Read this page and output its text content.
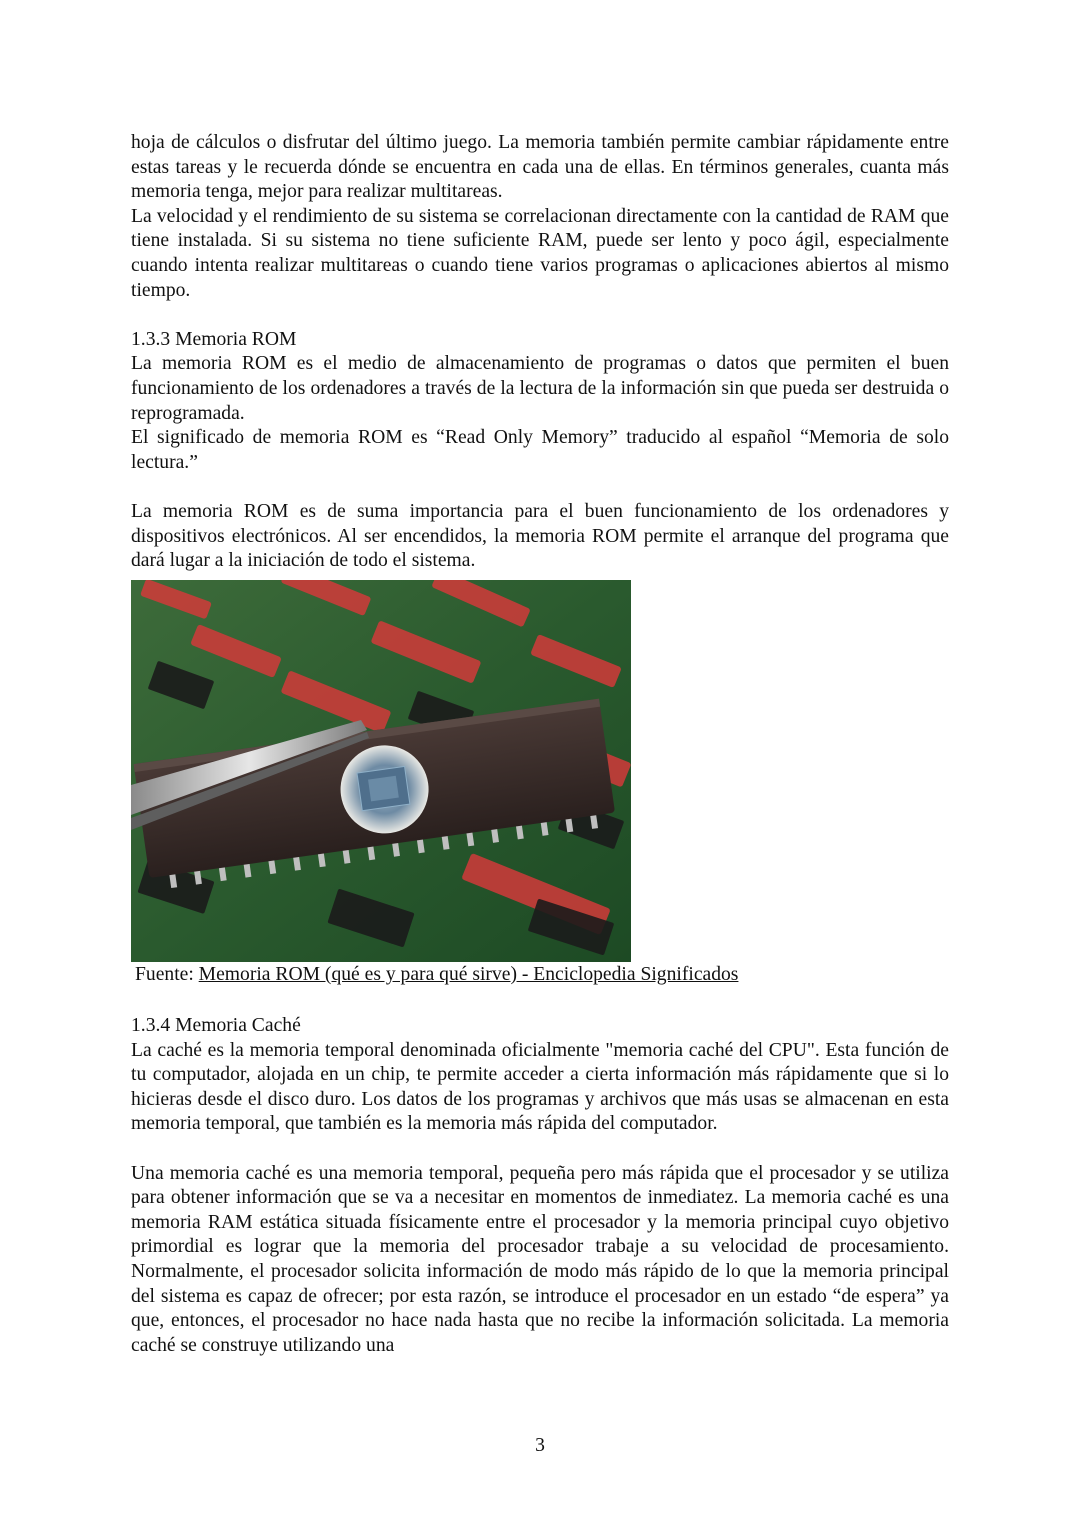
hoja de cálculos o disfrutar del último juego. La memoria también permite cambiar rápidamente entre estas tareas y le recuerda dónde se encuentra en cada una de ellas. En términos generales, cuanta más memoria tenga, mejor para realizar multitareas.

La velocidad y el rendimiento de su sistema se correlacionan directamente con la cantidad de RAM que tiene instalada. Si su sistema no tiene suficiente RAM, puede ser lento y poco ágil, especialmente cuando intenta realizar multitareas o cuando tiene varios programas o aplicaciones abiertos al mismo tiempo.

1.3.3 Memoria ROM

La memoria ROM es el medio de almacenamiento de programas o datos que permiten el buen funcionamiento de los ordenadores a través de la lectura de la información sin que pueda ser destruida o reprogramada.

El significado de memoria ROM es “Read Only Memory” traducido al español “Memoria de solo lectura.”

La memoria ROM es de suma importancia para el buen funcionamiento de los ordenadores y dispositivos electrónicos. Al ser encendidos, la memoria ROM permite el arranque del programa que dará lugar a la iniciación de todo el sistema.

Fuente: Memoria ROM (qué es y para qué sirve) - Enciclopedia Significados
1.3.4 Memoria Caché

La caché es la memoria temporal denominada oficialmente "memoria caché del CPU". Esta función de tu computador, alojada en un chip, te permite acceder a cierta información más rápidamente que si lo hicieras desde el disco duro. Los datos de los programas y archivos que más usas se almacenan en esta memoria temporal, que también es la memoria más rápida del computador.

Una memoria caché es una memoria temporal, pequeña pero más rápida que el procesador y se utiliza para obtener información que se va a necesitar en momentos de inmediatez. La memoria caché es una memoria RAM estática situada físicamente entre el procesador y la memoria principal cuyo objetivo primordial es lograr que la memoria del procesador trabaje a su velocidad de procesamiento. Normalmente, el procesador solicita información de modo más rápido de lo que la memoria principal del sistema es capaz de ofrecer; por esta razón, se introduce el procesador en un estado “de espera” ya que, entonces, el procesador no hace nada hasta que no recibe la información solicitada. La memoria caché se construye utilizando una

3
